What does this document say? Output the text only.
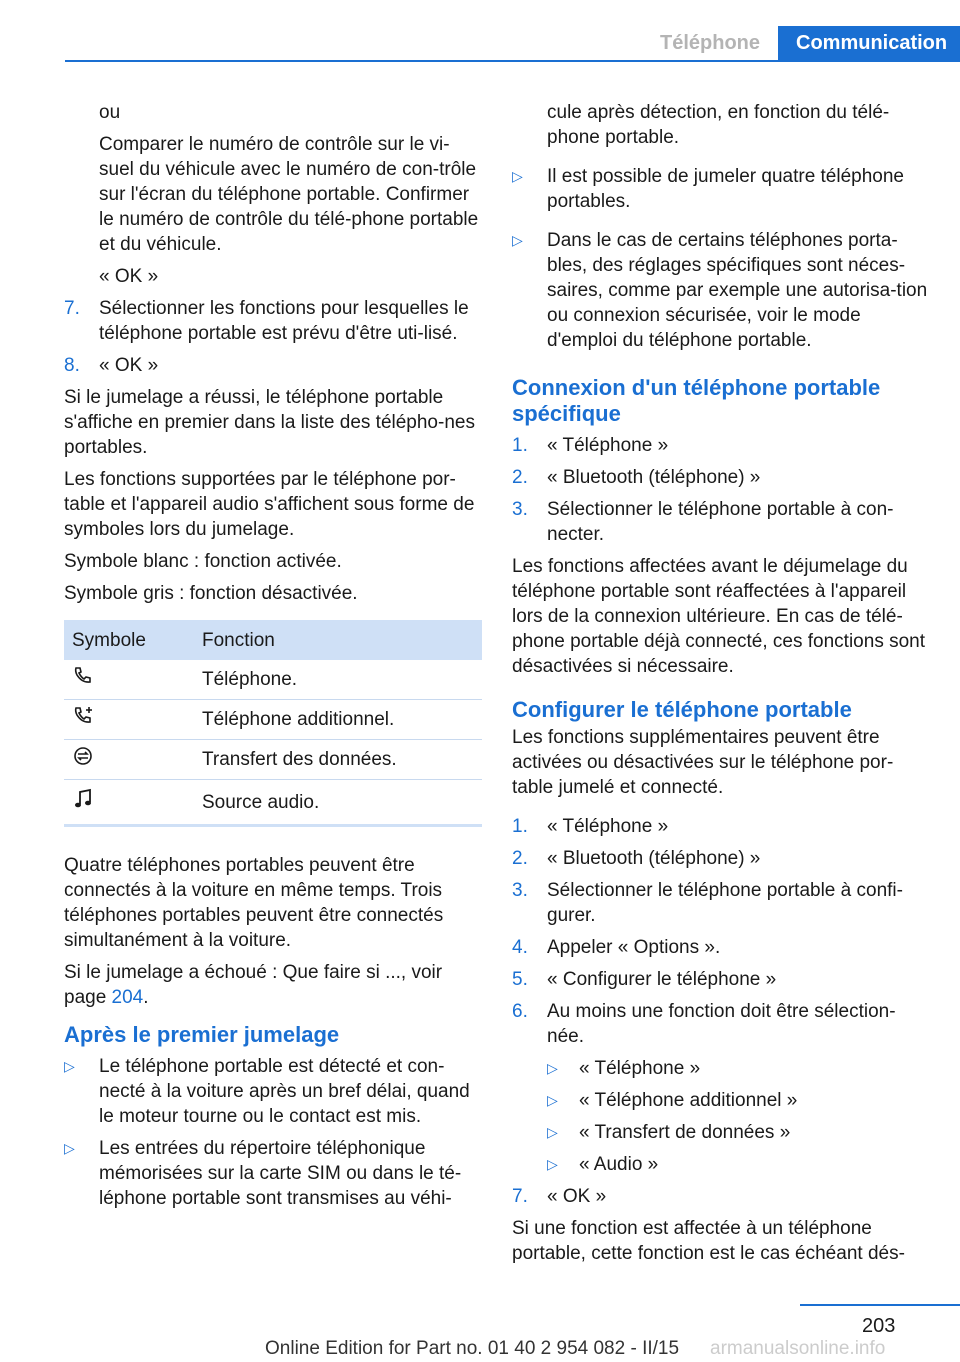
Téléphone	Communication
ou
Comparer le numéro de contrôle sur le vi-suel du véhicule avec le numéro de con-trôle sur l'écran du téléphone portable. Confirmer le numéro de contrôle du télé-phone portable et du véhicule.
« OK »
7.	Sélectionner les fonctions pour lesquelles le téléphone portable est prévu d'être uti-lisé.
8.	« OK »
Si le jumelage a réussi, le téléphone portable s'affiche en premier dans la liste des télépho-nes portables.
Les fonctions supportées par le téléphone por-table et l'appareil audio s'affichent sous forme de symboles lors du jumelage.
Symbole blanc : fonction activée.
Symbole gris : fonction désactivée.
Symbole	Fonction
	Téléphone.
	Téléphone additionnel.
	Transfert des données.
	Source audio.
Quatre téléphones portables peuvent être connectés à la voiture en même temps. Trois téléphones portables peuvent être connectés simultanément à la voiture.
Si le jumelage a échoué : Que faire si ..., voir page 204.
Après le premier jumelage
▷	Le téléphone portable est détecté et con-necté à la voiture après un bref délai, quand le moteur tourne ou le contact est mis.
▷	Les entrées du répertoire téléphonique mémorisées sur la carte SIM ou dans le té-léphone portable sont transmises au véhi-
cule après détection, en fonction du télé-phone portable.
▷	Il est possible de jumeler quatre téléphone portables.
▷	Dans le cas de certains téléphones porta-bles, des réglages spécifiques sont néces-saires, comme par exemple une autorisa-tion ou connexion sécurisée, voir le mode d'emploi du téléphone portable.
Connexion d'un téléphone portable spécifique
1.	« Téléphone »
2.	« Bluetooth (téléphone) »
3.	Sélectionner le téléphone portable à con-necter.
Les fonctions affectées avant le déjumelage du téléphone portable sont réaffectées à l'appareil lors de la connexion ultérieure. En cas de télé-phone portable déjà connecté, ces fonctions sont désactivées si nécessaire.
Configurer le téléphone portable
Les fonctions supplémentaires peuvent être activées ou désactivées sur le téléphone por-table jumelé et connecté.
1.	« Téléphone »
2.	« Bluetooth (téléphone) »
3.	Sélectionner le téléphone portable à confi-gurer.
4.	Appeler « Options ».
5.	« Configurer le téléphone »
6.	Au moins une fonction doit être sélection-née.
▷	« Téléphone »
▷	« Téléphone additionnel »
▷	« Transfert de données »
▷	« Audio »
7.	« OK »
Si une fonction est affectée à un téléphone portable, cette fonction est le cas échéant dés-
203
Online Edition for Part no. 01 40 2 954 082 - II/15 armanualsonline.info
